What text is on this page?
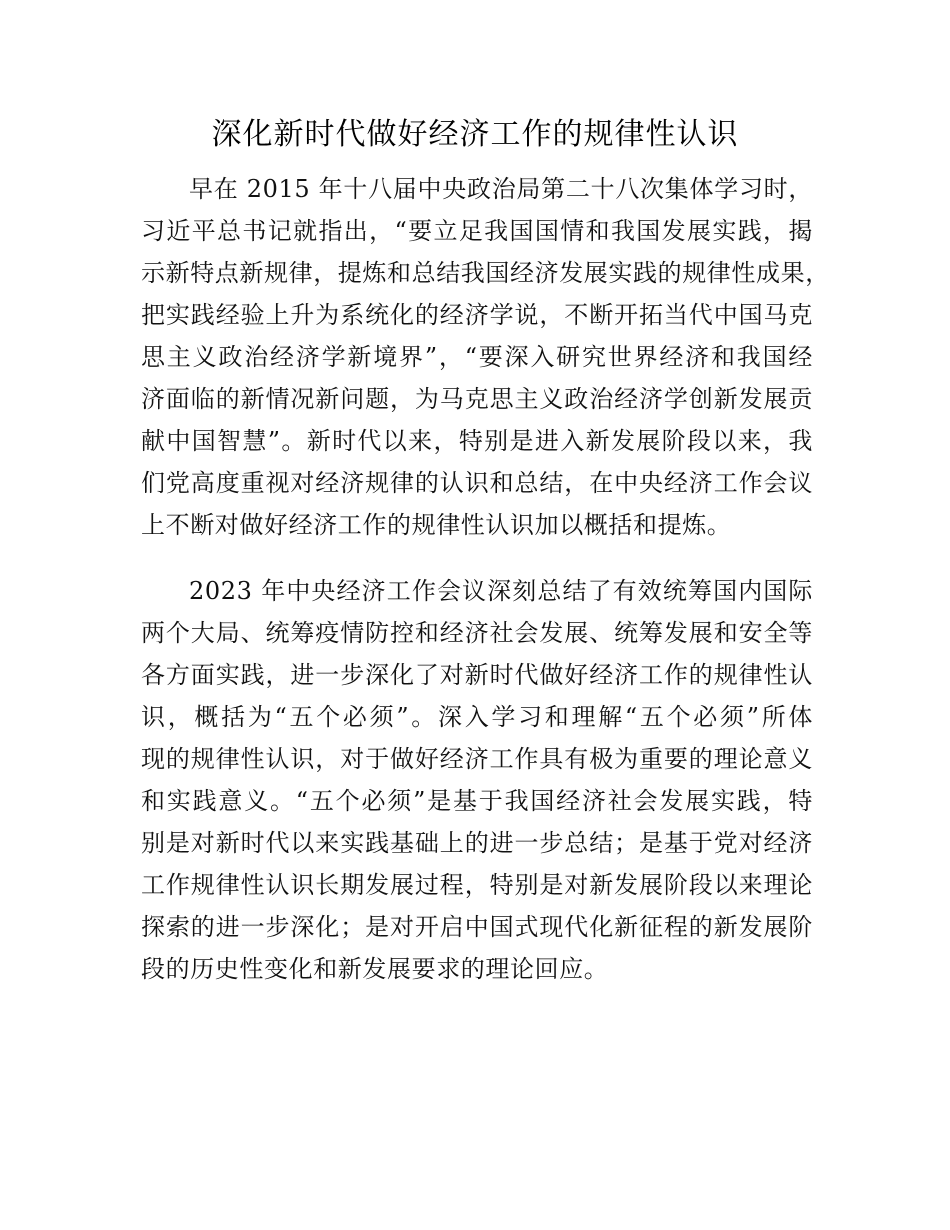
深化新时代做好经济工作的规律性认识
早在 2015 年十八届中央政治局第二十八次集体学习时，
习近平总书记就指出，“要立足我国国情和我国发展实践，揭
示新特点新规律，提炼和总结我国经济发展实践的规律性成果，
把实践经验上升为系统化的经济学说，不断开拓当代中国马克
思主义政治经济学新境界”，“要深入研究世界经济和我国经
济面临的新情况新问题，为马克思主义政治经济学创新发展贡
献中国智慧”。新时代以来，特别是进入新发展阶段以来，我
们党高度重视对经济规律的认识和总结，在中央经济工作会议
上不断对做好经济工作的规律性认识加以概括和提炼。
2023 年中央经济工作会议深刻总结了有效统筹国内国际
两个大局、统筹疫情防控和经济社会发展、统筹发展和安全等
各方面实践，进一步深化了对新时代做好经济工作的规律性认
识，概括为“五个必须”。深入学习和理解“五个必须”所体
现的规律性认识，对于做好经济工作具有极为重要的理论意义
和实践意义。“五个必须”是基于我国经济社会发展实践，特
别是对新时代以来实践基础上的进一步总结；是基于党对经济
工作规律性认识长期发展过程，特别是对新发展阶段以来理论
探索的进一步深化；是对开启中国式现代化新征程的新发展阶
段的历史性变化和新发展要求的理论回应。
